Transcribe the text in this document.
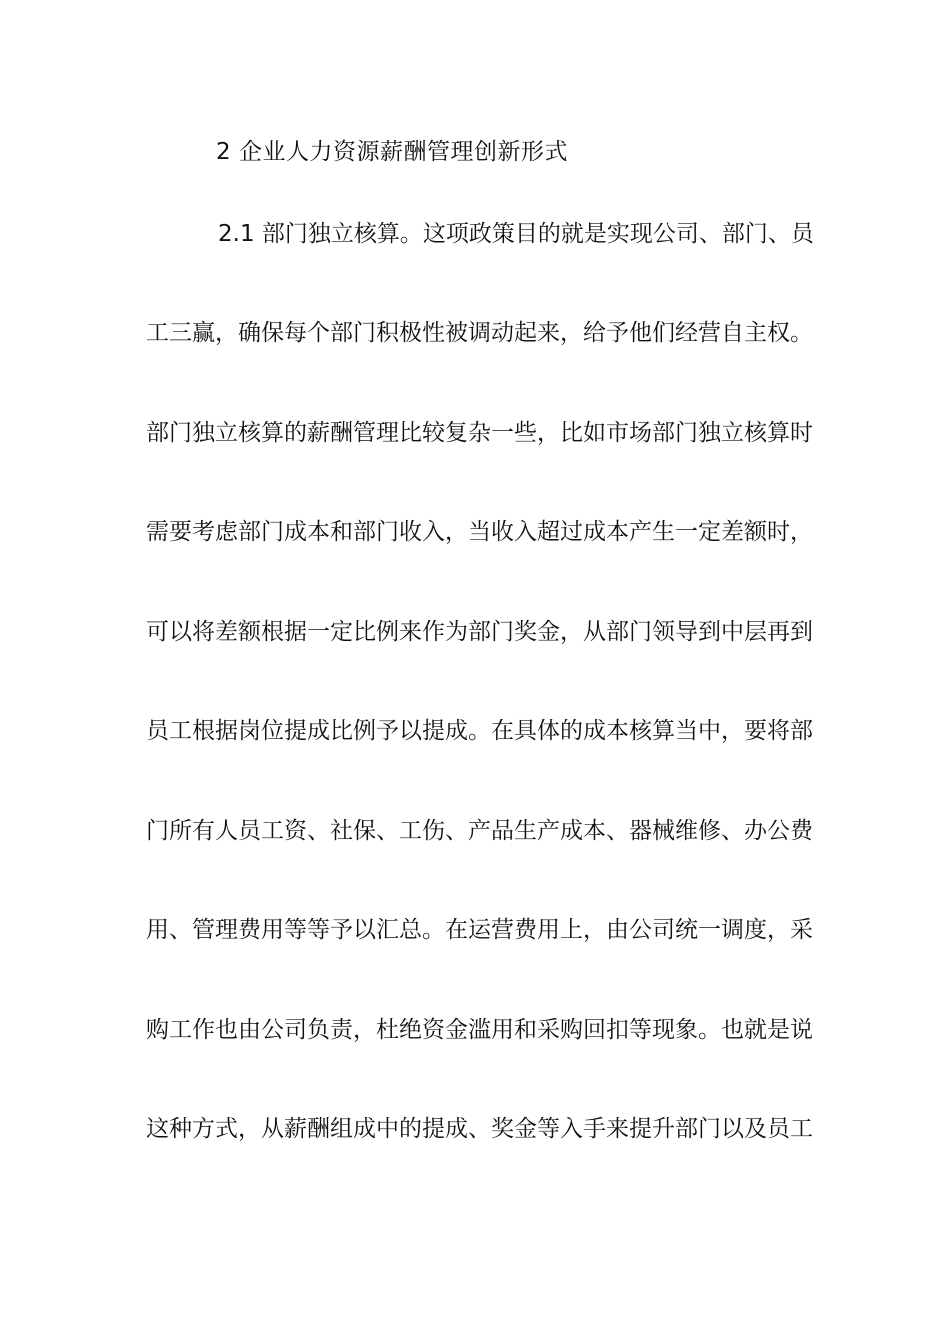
2 企业人力资源薪酬管理创新形式
2.1 部门独立核算。这项政策目的就是实现公司、部门、员
工三赢，确保每个部门积极性被调动起来，给予他们经营自主权。
部门独立核算的薪酬管理比较复杂一些，比如市场部门独立核算时
需要考虑部门成本和部门收入，当收入超过成本产生一定差额时，
可以将差额根据一定比例来作为部门奖金，从部门领导到中层再到
员工根据岗位提成比例予以提成。在具体的成本核算当中，要将部
门所有人员工资、社保、工伤、产品生产成本、器械维修、办公费
用、管理费用等等予以汇总。在运营费用上，由公司统一调度，采
购工作也由公司负责，杜绝资金滥用和采购回扣等现象。也就是说
这种方式，从薪酬组成中的提成、奖金等入手来提升部门以及员工
